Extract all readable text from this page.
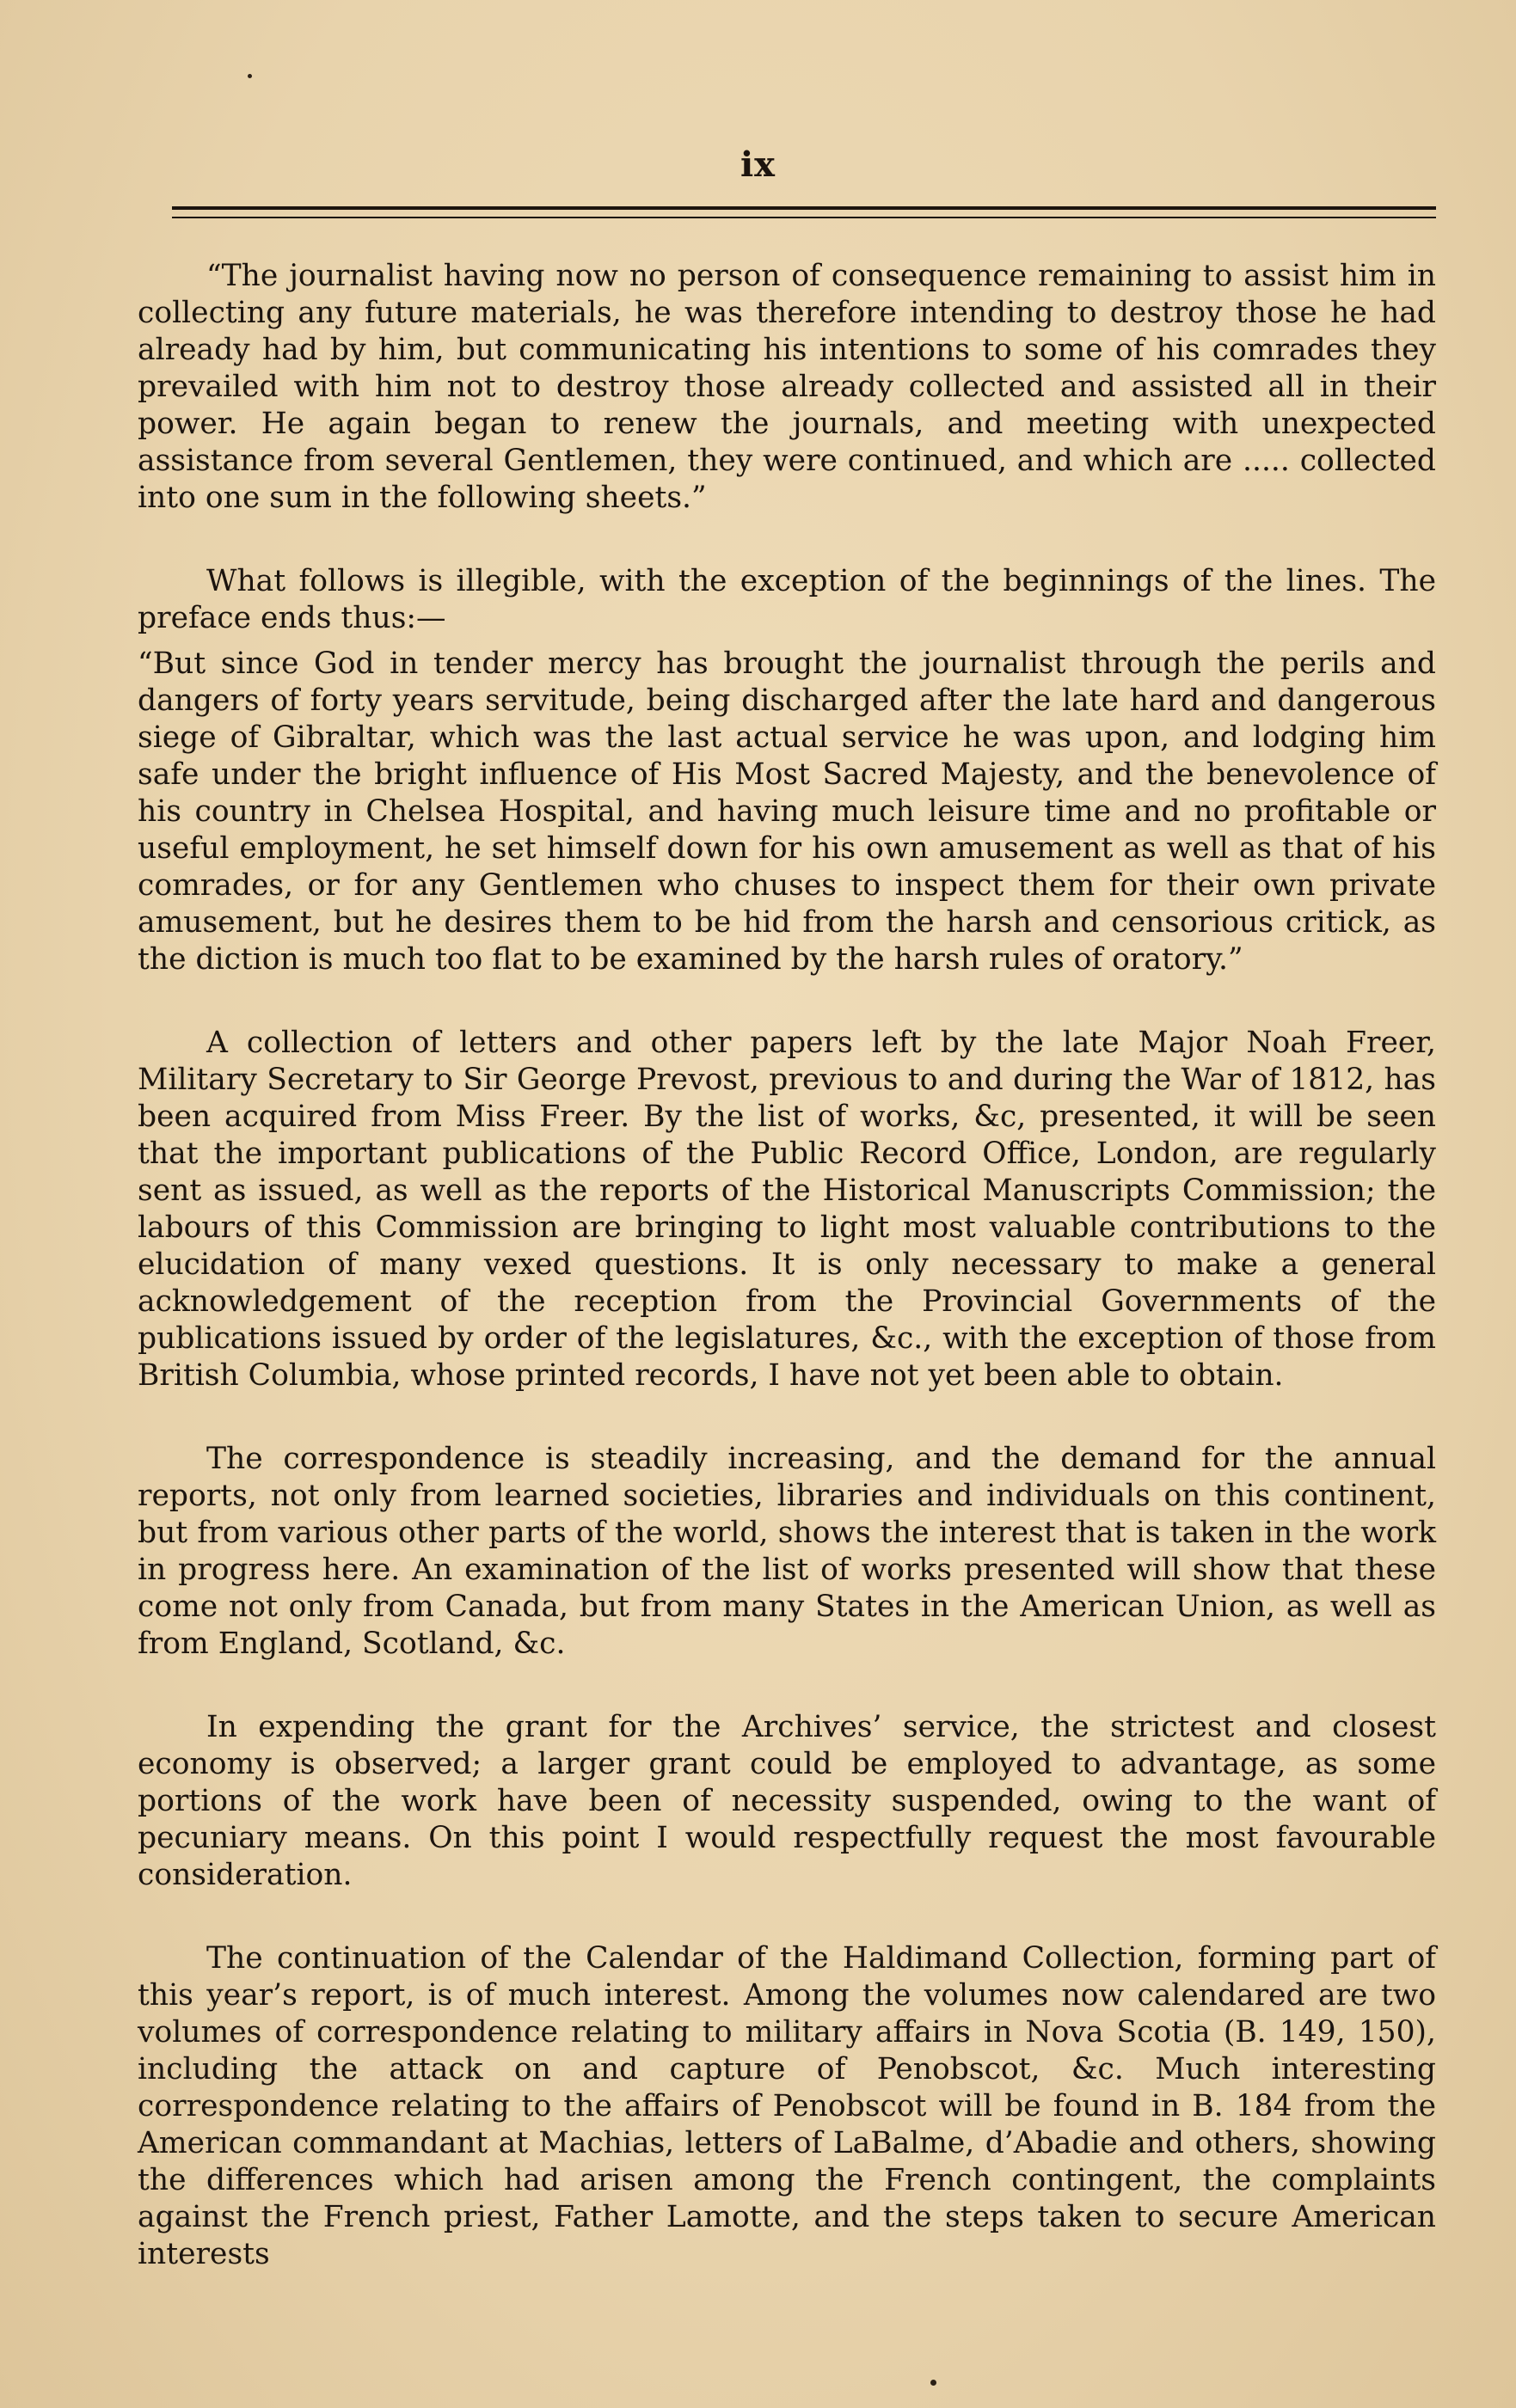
ix

“The journalist having now no person of consequence remaining to assist him in collecting any future materials, he was therefore intending to destroy those he had already had by him, but communicating his intentions to some of his comrades they prevailed with him not to destroy those already collected and assisted all in their power. He again began to renew the journals, and meeting with unexpected assistance from several Gentlemen, they were continued, and which are ..... collected into one sum in the following sheets.”

What follows is illegible, with the exception of the beginnings of the lines. The preface ends thus:—

“But since God in tender mercy has brought the journalist through the perils and dangers of forty years servitude, being discharged after the late hard and dangerous siege of Gibraltar, which was the last actual service he was upon, and lodging him safe under the bright influence of His Most Sacred Majesty, and the benevolence of his country in Chelsea Hospital, and having much leisure time and no profitable or useful employment, he set himself down for his own amusement as well as that of his comrades, or for any Gentlemen who chuses to inspect them for their own private amusement, but he desires them to be hid from the harsh and censorious critick, as the diction is much too flat to be examined by the harsh rules of oratory.”

A collection of letters and other papers left by the late Major Noah Freer, Military Secretary to Sir George Prevost, previous to and during the War of 1812, has been acquired from Miss Freer. By the list of works, &c, presented, it will be seen that the important publications of the Public Record Office, London, are regularly sent as issued, as well as the reports of the Historical Manuscripts Commission; the labours of this Commission are bringing to light most valuable contributions to the elucidation of many vexed questions. It is only necessary to make a general acknowledgement of the reception from the Provincial Governments of the publications issued by order of the legislatures, &c., with the exception of those from British Columbia, whose printed records, I have not yet been able to obtain.

The correspondence is steadily increasing, and the demand for the annual reports, not only from learned societies, libraries and individuals on this continent, but from various other parts of the world, shows the interest that is taken in the work in progress here. An examination of the list of works presented will show that these come not only from Canada, but from many States in the American Union, as well as from England, Scotland, &c.

In expending the grant for the Archives’ service, the strictest and closest economy is observed; a larger grant could be employed to advantage, as some portions of the work have been of necessity suspended, owing to the want of pecuniary means. On this point I would respectfully request the most favourable consideration.

The continuation of the Calendar of the Haldimand Collection, forming part of this year’s report, is of much interest. Among the volumes now calendared are two volumes of correspondence relating to military affairs in Nova Scotia (B. 149, 150), including the attack on and capture of Penobscot, &c. Much interesting correspondence relating to the affairs of Penobscot will be found in B. 184 from the American commandant at Machias, letters of LaBalme, d’Abadie and others, showing the differences which had arisen among the French contingent, the complaints against the French priest, Father Lamotte, and the steps taken to secure American interests
